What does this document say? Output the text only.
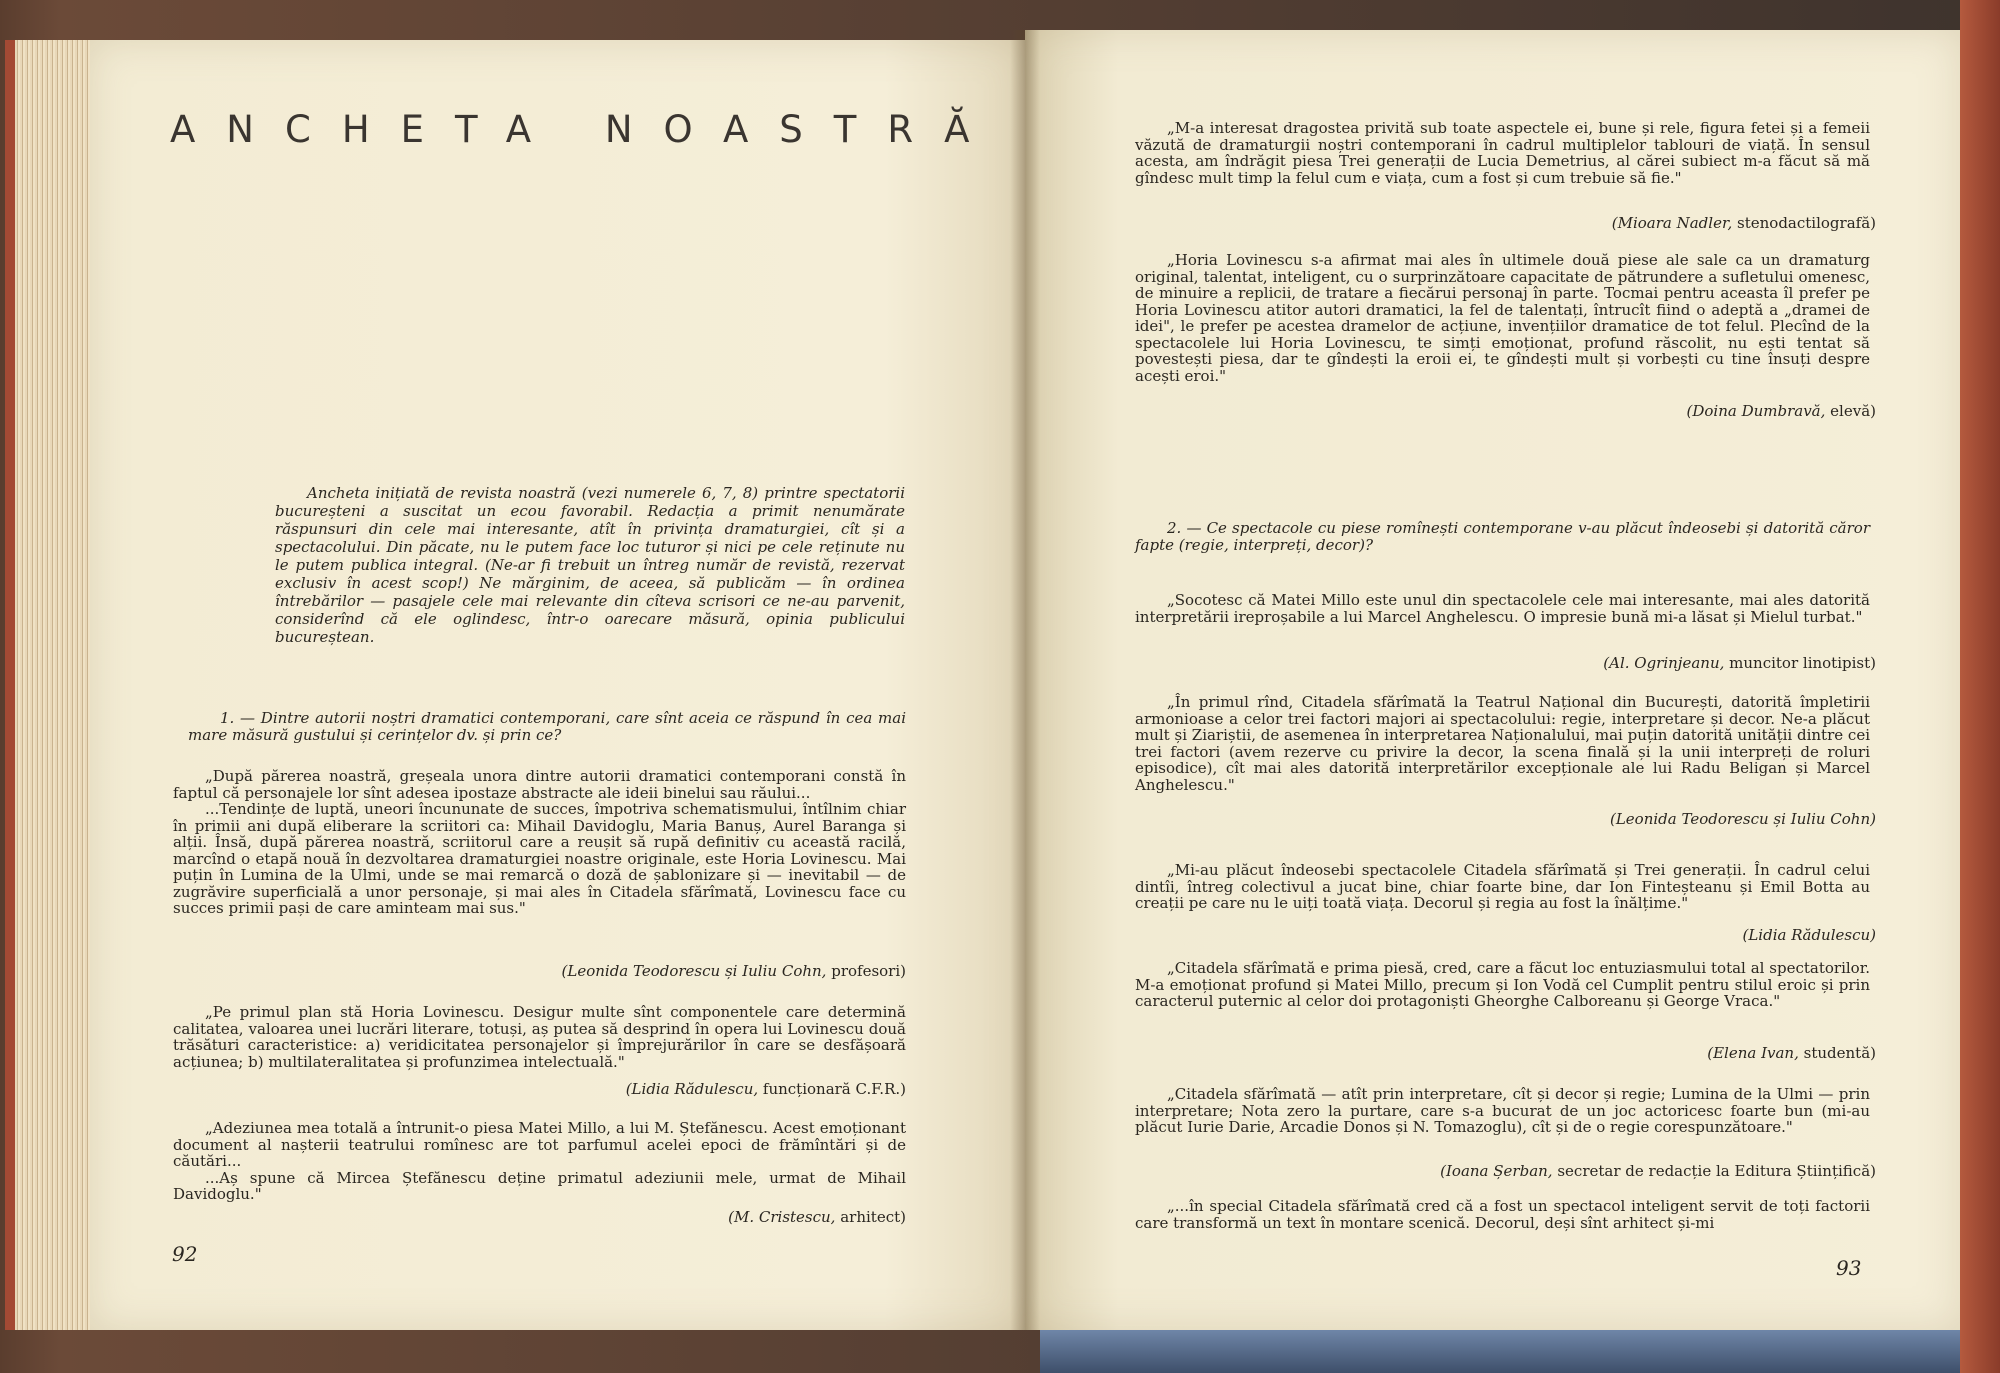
ANCHETA NOASTRĂ

Ancheta inițiată de revista noastră (vezi numerele 6, 7, 8) printre spectatorii bucureșteni a suscitat un ecou favorabil. Redacția a primit nenumărate răspunsuri din cele mai interesante, atît în privința dramaturgiei, cît și a spectacolului. Din păcate, nu le putem face loc tuturor și nici pe cele reținute nu le putem publica integral. (Ne-ar fi trebuit un întreg număr de revistă, rezervat exclusiv în acest scop!) Ne mărginim, de aceea, să publicăm — în ordinea întrebărilor — pasajele cele mai relevante din cîteva scrisori ce ne-au parvenit, considerînd că ele oglindesc, într-o oarecare măsură, opinia publicului bucureștean.

1. — Dintre autorii noștri dramatici contemporani, care sînt aceia ce răspund în cea mai mare măsură gustului și cerințelor dv. și prin ce?

„După părerea noastră, greșeala unora dintre autorii dramatici contemporani constă în faptul că personajele lor sînt adesea ipostaze abstracte ale ideii binelui sau răului...

...Tendințe de luptă, uneori încununate de succes, împotriva schematismului, întîlnim chiar în primii ani după eliberare la scriitori ca: Mihail Davidoglu, Maria Banuș, Aurel Baranga și alții. Însă, după părerea noastră, scriitorul care a reușit să rupă definitiv cu această racilă, marcînd o etapă nouă în dezvoltarea dramaturgiei noastre originale, este Horia Lovinescu. Mai puțin în Lumina de la Ulmi, unde se mai remarcă o doză de șablonizare și — inevitabil — de zugrăvire superficială a unor personaje, și mai ales în Citadela sfărîmată, Lovinescu face cu succes primii pași de care aminteam mai sus."

(Leonida Teodorescu și Iuliu Cohn, profesori)

„Pe primul plan stă Horia Lovinescu. Desigur multe sînt componentele care determină calitatea, valoarea unei lucrări literare, totuși, aș putea să desprind în opera lui Lovinescu două trăsături caracteristice: a) veridicitatea personajelor și împrejurărilor în care se desfășoară acțiunea; b) multilateralitatea și profunzimea intelectuală."

(Lidia Rădulescu, funcționară C.F.R.)

„Adeziunea mea totală a întrunit-o piesa Matei Millo, a lui M. Ștefănescu. Acest emoționant document al nașterii teatrului romînesc are tot parfumul acelei epoci de frămîntări și de căutări...

...Aș spune că Mircea Ștefănescu deține primatul adeziunii mele, urmat de Mihail Davidoglu."

(M. Cristescu, arhitect)
92

„M-a interesat dragostea privită sub toate aspectele ei, bune și rele, figura fetei și a femeii văzută de dramaturgii noștri contemporani în cadrul multiplelor tablouri de viață. În sensul acesta, am îndrăgit piesa Trei generații de Lucia Demetrius, al cărei subiect m-a făcut să mă gîndesc mult timp la felul cum e viața, cum a fost și cum trebuie să fie."

(Mioara Nadler, stenodactilografă)

„Horia Lovinescu s-a afirmat mai ales în ultimele două piese ale sale ca un dramaturg original, talentat, inteligent, cu o surprinzătoare capacitate de pătrundere a sufletului omenesc, de minuire a replicii, de tratare a fiecărui personaj în parte. Tocmai pentru aceasta îl prefer pe Horia Lovinescu atitor autori dramatici, la fel de talentați, întrucît fiind o adeptă a „dramei de idei", le prefer pe acestea dramelor de acțiune, invențiilor dramatice de tot felul. Plecînd de la spectacolele lui Horia Lovinescu, te simți emoționat, profund răscolit, nu ești tentat să povestești piesa, dar te gîndești la eroii ei, te gîndești mult și vorbești cu tine însuți despre acești eroi."

(Doina Dumbravă, elevă)

2. — Ce spectacole cu piese romînești contemporane v-au plăcut îndeosebi și datorită căror fapte (regie, interpreți, decor)?

„Socotesc că Matei Millo este unul din spectacolele cele mai interesante, mai ales datorită interpretării ireproșabile a lui Marcel Anghelescu. O impresie bună mi-a lăsat și Mielul turbat."

(Al. Ogrinjeanu, muncitor linotipist)

„În primul rînd, Citadela sfărîmată la Teatrul Național din București, datorită împletirii armonioase a celor trei factori majori ai spectacolului: regie, interpretare și decor. Ne-a plăcut mult și Ziariștii, de asemenea în interpretarea Naționalului, mai puțin datorită unității dintre cei trei factori (avem rezerve cu privire la decor, la scena finală și la unii interpreți de roluri episodice), cît mai ales datorită interpretărilor excepționale ale lui Radu Beligan și Marcel Anghelescu."

(Leonida Teodorescu și Iuliu Cohn)

„Mi-au plăcut îndeosebi spectacolele Citadela sfărîmată și Trei generații. În cadrul celui dintîi, întreg colectivul a jucat bine, chiar foarte bine, dar Ion Finteșteanu și Emil Botta au creații pe care nu le uiți toată viața. Decorul și regia au fost la înălțime."

(Lidia Rădulescu)

„Citadela sfărîmată e prima piesă, cred, care a făcut loc entuziasmului total al spectatorilor. M-a emoționat profund și Matei Millo, precum și Ion Vodă cel Cumplit pentru stilul eroic și prin caracterul puternic al celor doi protagoniști Gheorghe Calboreanu și George Vraca."

(Elena Ivan, studentă)

„Citadela sfărîmată — atît prin interpretare, cît și decor și regie; Lumina de la Ulmi — prin interpretare; Nota zero la purtare, care s-a bucurat de un joc actoricesc foarte bun (mi-au plăcut Iurie Darie, Arcadie Donos și N. Tomazoglu), cît și de o regie corespunzătoare."

(Ioana Șerban, secretar de redacție la Editura Științifică)

„...în special Citadela sfărîmată cred că a fost un spectacol inteligent servit de toți factorii care transformă un text în montare scenică. Decorul, deși sînt arhitect și-mi

93
